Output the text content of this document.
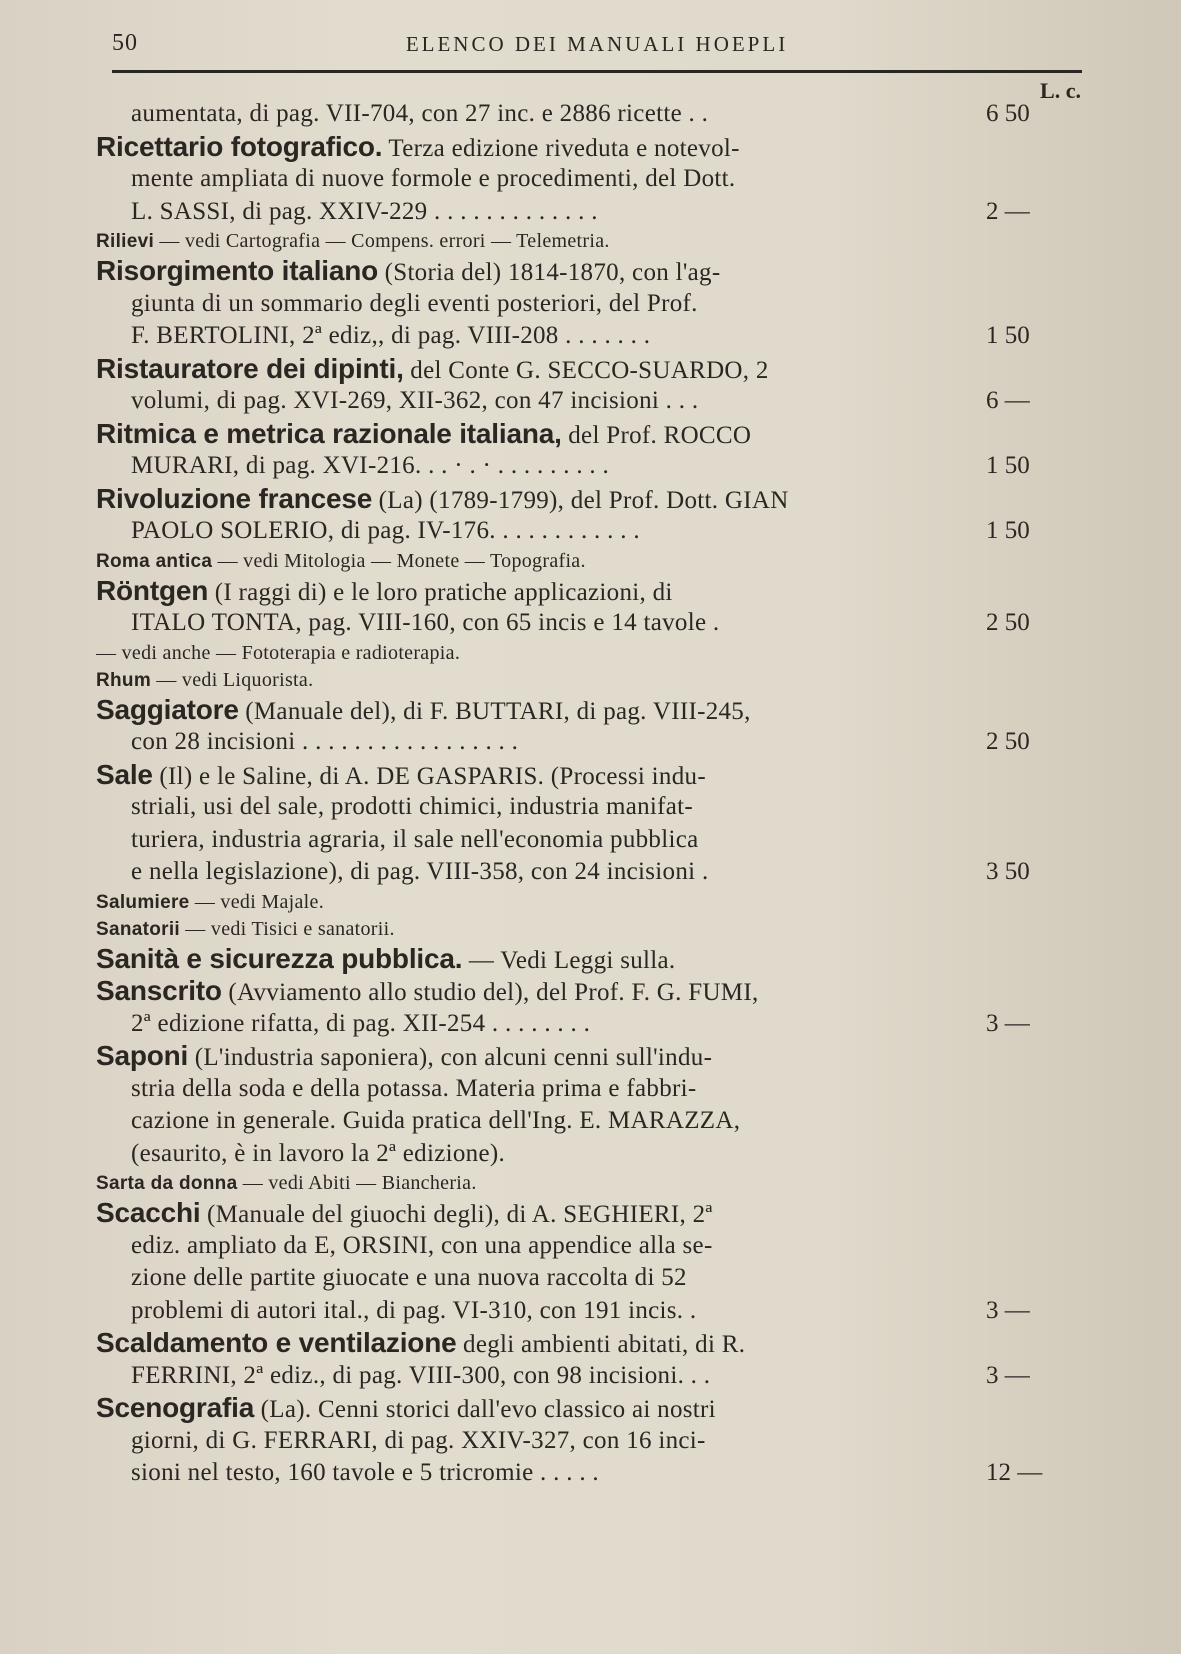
50	ELENCO DEI MANUALI HOEPLI
L. c.
aumentata, di pag. VII-704, con 27 inc. e 2886 ricette . .	6 50
Ricettario fotografico. Terza edizione riveduta e notevol-
mente ampliata di nuove formole e procedimenti, del Dott.
L. SASSI, di pag. XXIV-229 . . . . . . . . . . . . .	2 —
Rilievi — vedi Cartografia — Compens. errori — Telemetria.
Risorgimento italiano (Storia del) 1814-1870, con l'ag-
giunta di un sommario degli eventi posteriori, del Prof.
F. BERTOLINI, 2ª ediz,, di pag. VIII-208 . . . . . . .	1 50
Ristauratore dei dipinti, del Conte G. SECCO-SUARDO, 2
volumi, di pag. XVI-269, XII-362, con 47 incisioni . . .	6 —
Ritmica e metrica razionale italiana, del Prof. ROCCO
MURARI, di pag. XVI-216. . . · . · . . . . . . . . .	1 50
Rivoluzione francese (La) (1789-1799), del Prof. Dott. GIAN
PAOLO SOLERIO, di pag. IV-176. . . . . . . . . . . .	1 50
Roma antica — vedi Mitologia — Monete — Topografia.
Röntgen (I raggi di) e le loro pratiche applicazioni, di
ITALO TONTA, pag. VIII-160, con 65 incis e 14 tavole .	2 50
— vedi anche — Fototerapia e radioterapia.
Rhum — vedi Liquorista.
Saggiatore (Manuale del), di F. BUTTARI, di pag. VIII-245,
con 28 incisioni . . . . . . . . . . . . . . . . .	2 50
Sale (Il) e le Saline, di A. DE GASPARIS. (Processi indu-
striali, usi del sale, prodotti chimici, industria manifat-
turiera, industria agraria, il sale nell'economia pubblica
e nella legislazione), di pag. VIII-358, con 24 incisioni .	3 50
Salumiere — vedi Majale.
Sanatorii — vedi Tisici e sanatorii.
Sanità e sicurezza pubblica. — Vedi Leggi sulla.
Sanscrito (Avviamento allo studio del), del Prof. F. G. FUMI,
2ª edizione rifatta, di pag. XII-254 . . . . . . . .	3 —
Saponi (L'industria saponiera), con alcuni cenni sull'indu-
stria della soda e della potassa. Materia prima e fabbri-
cazione in generale. Guida pratica dell'Ing. E. MARAZZA,
(esaurito, è in lavoro la 2ª edizione).
Sarta da donna — vedi Abiti — Biancheria.
Scacchi (Manuale del giuochi degli), di A. SEGHIERI, 2ª
ediz. ampliato da E, ORSINI, con una appendice alla se-
zione delle partite giuocate e una nuova raccolta di 52
problemi di autori ital., di pag. VI-310, con 191 incis. .	3 —
Scaldamento e ventilazione degli ambienti abitati, di R.
FERRINI, 2ª ediz., di pag. VIII-300, con 98 incisioni. . .	3 —
Scenografia (La). Cenni storici dall'evo classico ai nostri
giorni, di G. FERRARI, di pag. XXIV-327, con 16 inci-
sioni nel testo, 160 tavole e 5 tricromie . . . . .	12 —
